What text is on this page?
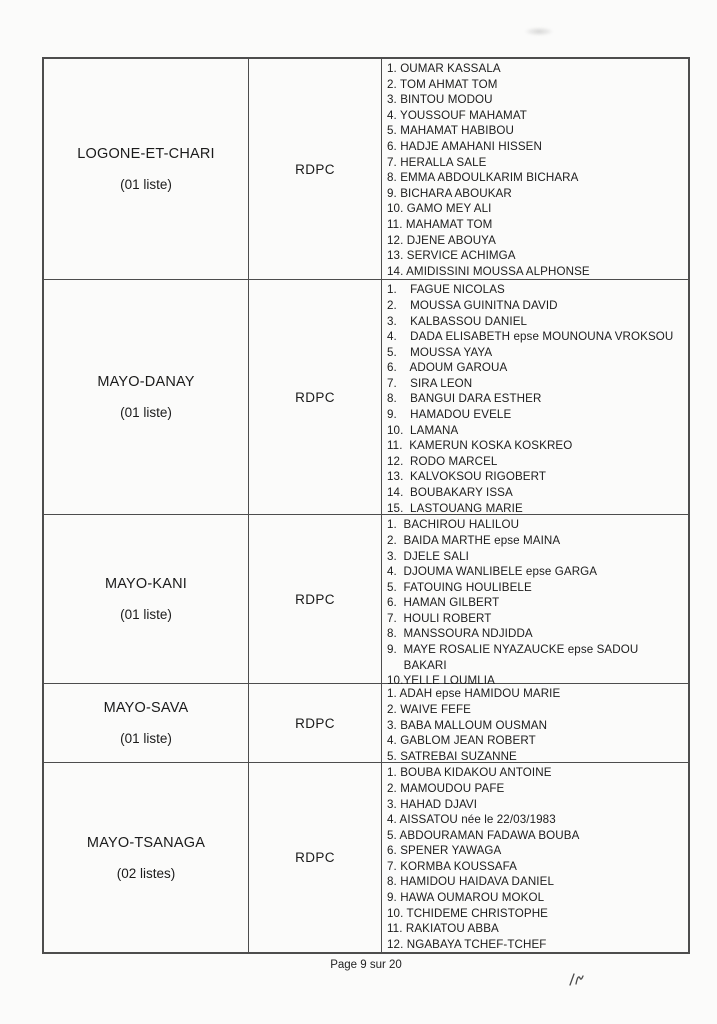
LOGONE-ET-CHARI
(01 liste)
RDPC
1. OUMAR KASSALA
2. TOM AHMAT TOM
3. BINTOU MODOU
4. YOUSSOUF MAHAMAT
5. MAHAMAT HABIBOU
6. HADJE AMAHANI HISSEN
7. HERALLA SALE
8. EMMA ABDOULKARIM BICHARA
9. BICHARA ABOUKAR
10. GAMO MEY ALI
11. MAHAMAT TOM
12. DJENE ABOUYA
13. SERVICE ACHIMGA
14. AMIDISSINI MOUSSA ALPHONSE
MAYO-DANAY
(01 liste)
RDPC
1.    FAGUE NICOLAS
2.    MOUSSA GUINITNA DAVID
3.    KALBASSOU DANIEL
4.    DADA ELISABETH epse MOUNOUNA VROKSOU
5.    MOUSSA YAYA
6.    ADOUM GAROUA
7.    SIRA LEON
8.    BANGUI DARA ESTHER
9.    HAMADOU EVELE
10.  LAMANA
11.  KAMERUN KOSKA KOSKREO
12.  RODO MARCEL
13.  KALVOKSOU RIGOBERT
14.  BOUBAKARY ISSA
15.  LASTOUANG MARIE
MAYO-KANI
(01 liste)
RDPC
1.  BACHIROU HALILOU
2.  BAIDA MARTHE epse MAINA
3.  DJELE SALI
4.  DJOUMA WANLIBELE epse GARGA
5.  FATOUING HOULIBELE
6.  HAMAN GILBERT
7.  HOULI ROBERT
8.  MANSSOURA NDJIDDA
9.  MAYE ROSALIE NYAZAUCKE epse SADOU
BAKARI
10.YELLE LOUMLIA
MAYO-SAVA
(01 liste)
RDPC
1. ADAH epse HAMIDOU MARIE
2. WAIVE FEFE
3. BABA MALLOUM OUSMAN
4. GABLOM JEAN ROBERT
5. SATREBAI SUZANNE
MAYO-TSANAGA
(02 listes)
RDPC
1. BOUBA KIDAKOU ANTOINE
2. MAMOUDOU PAFE
3. HAHAD DJAVI
4. AISSATOU née le 22/03/1983
5. ABDOURAMAN FADAWA BOUBA
6. SPENER YAWAGA
7. KORMBA KOUSSAFA
8. HAMIDOU HAIDAVA DANIEL
9. HAWA OUMAROU MOKOL
10. TCHIDEME CHRISTOPHE
11. RAKIATOU ABBA
12. NGABAYA TCHEF-TCHEF
Page 9 sur 20
